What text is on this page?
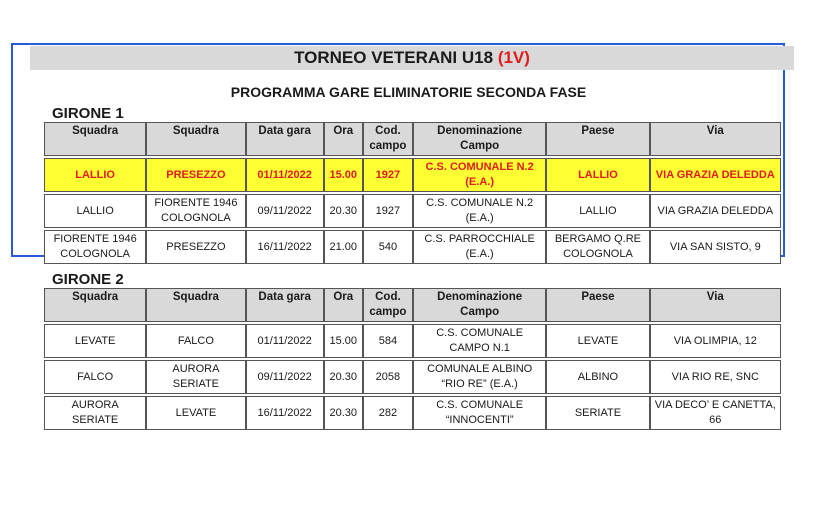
TORNEO VETERANI U18 (1V)
PROGRAMMA GARE ELIMINATORIE SECONDA FASE
GIRONE 1
Squadra	Squadra	Data gara	Ora	Cod. campo	Denominazione Campo	Paese	Via

LALLIO	PRESEZZO	01/11/2022	15.00	1927	C.S. COMUNALE N.2 (E.A.)	LALLIO	VIA GRAZIA DELEDDA

LALLIO	FIORENTE 1946 COLOGNOLA	09/11/2022	20.30	1927	C.S. COMUNALE N.2 (E.A.)	LALLIO	VIA GRAZIA DELEDDA

FIORENTE 1946 COLOGNOLA	PRESEZZO	16/11/2022	21.00	540	C.S. PARROCCHIALE (E.A.)	BERGAMO Q.RE COLOGNOLA	VIA SAN SISTO, 9
GIRONE 2
Squadra	Squadra	Data gara	Ora	Cod. campo	Denominazione Campo	Paese	Via

LEVATE	FALCO	01/11/2022	15.00	584	C.S. COMUNALE CAMPO N.1	LEVATE	VIA OLIMPIA, 12

FALCO	AURORA SERIATE	09/11/2022	20.30	2058	COMUNALE ALBINO “RIO RE” (E.A.)	ALBINO	VIA RIO RE, SNC

AURORA SERIATE	LEVATE	16/11/2022	20.30	282	C.S. COMUNALE “INNOCENTI”	SERIATE	VIA DECO’ E CANETTA, 66
